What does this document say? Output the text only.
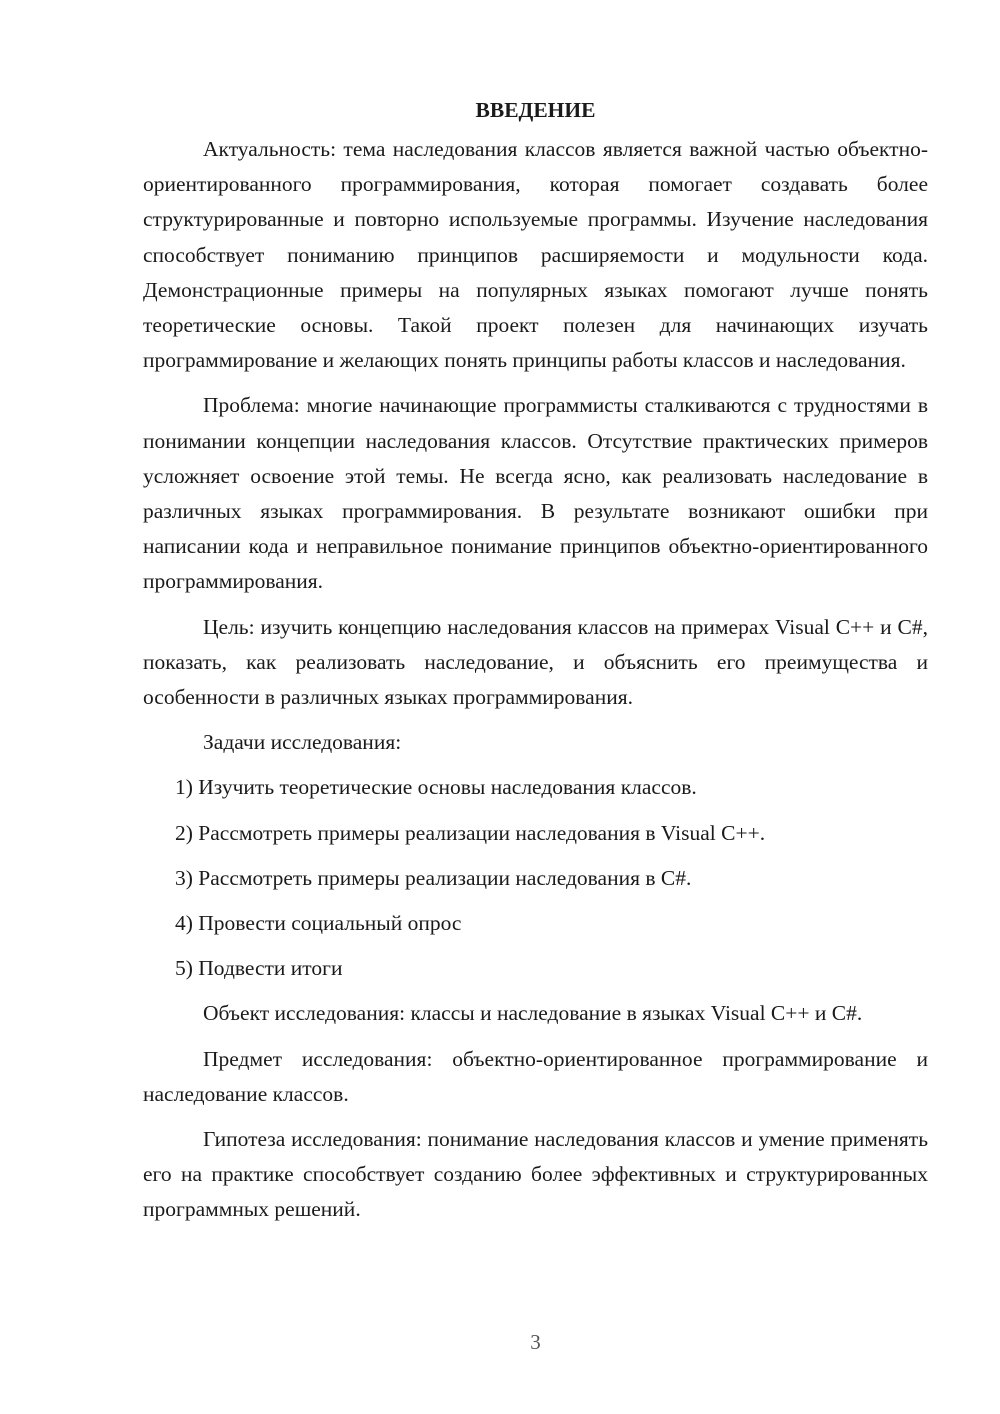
ВВЕДЕНИЕ

Актуальность: тема наследования классов является важной частью объектно-ориентированного программирования, которая помогает создавать более структурированные и повторно используемые программы. Изучение наследования способствует пониманию принципов расширяемости и модульности кода. Демонстрационные примеры на популярных языках помогают лучше понять теоретические основы. Такой проект полезен для начинающих изучать программирование и желающих понять принципы работы классов и наследования.

Проблема: многие начинающие программисты сталкиваются с трудностями в понимании концепции наследования классов. Отсутствие практических примеров усложняет освоение этой темы. Не всегда ясно, как реализовать наследование в различных языках программирования. В результате возникают ошибки при написании кода и неправильное понимание принципов объектно-ориентированного программирования.

Цель: изучить концепцию наследования классов на примерах Visual C++ и C#, показать, как реализовать наследование, и объяснить его преимущества и особенности в различных языках программирования.

Задачи исследования:
1) Изучить теоретические основы наследования классов.
2) Рассмотреть примеры реализации наследования в Visual C++.
3) Рассмотреть примеры реализации наследования в C#.
4) Провести социальный опрос
5) Подвести итоги

Объект исследования: классы и наследование в языках Visual C++ и C#.

Предмет исследования: объектно-ориентированное программирование и наследование классов.

Гипотеза исследования: понимание наследования классов и умение применять его на практике способствует созданию более эффективных и структурированных программных решений.

3
